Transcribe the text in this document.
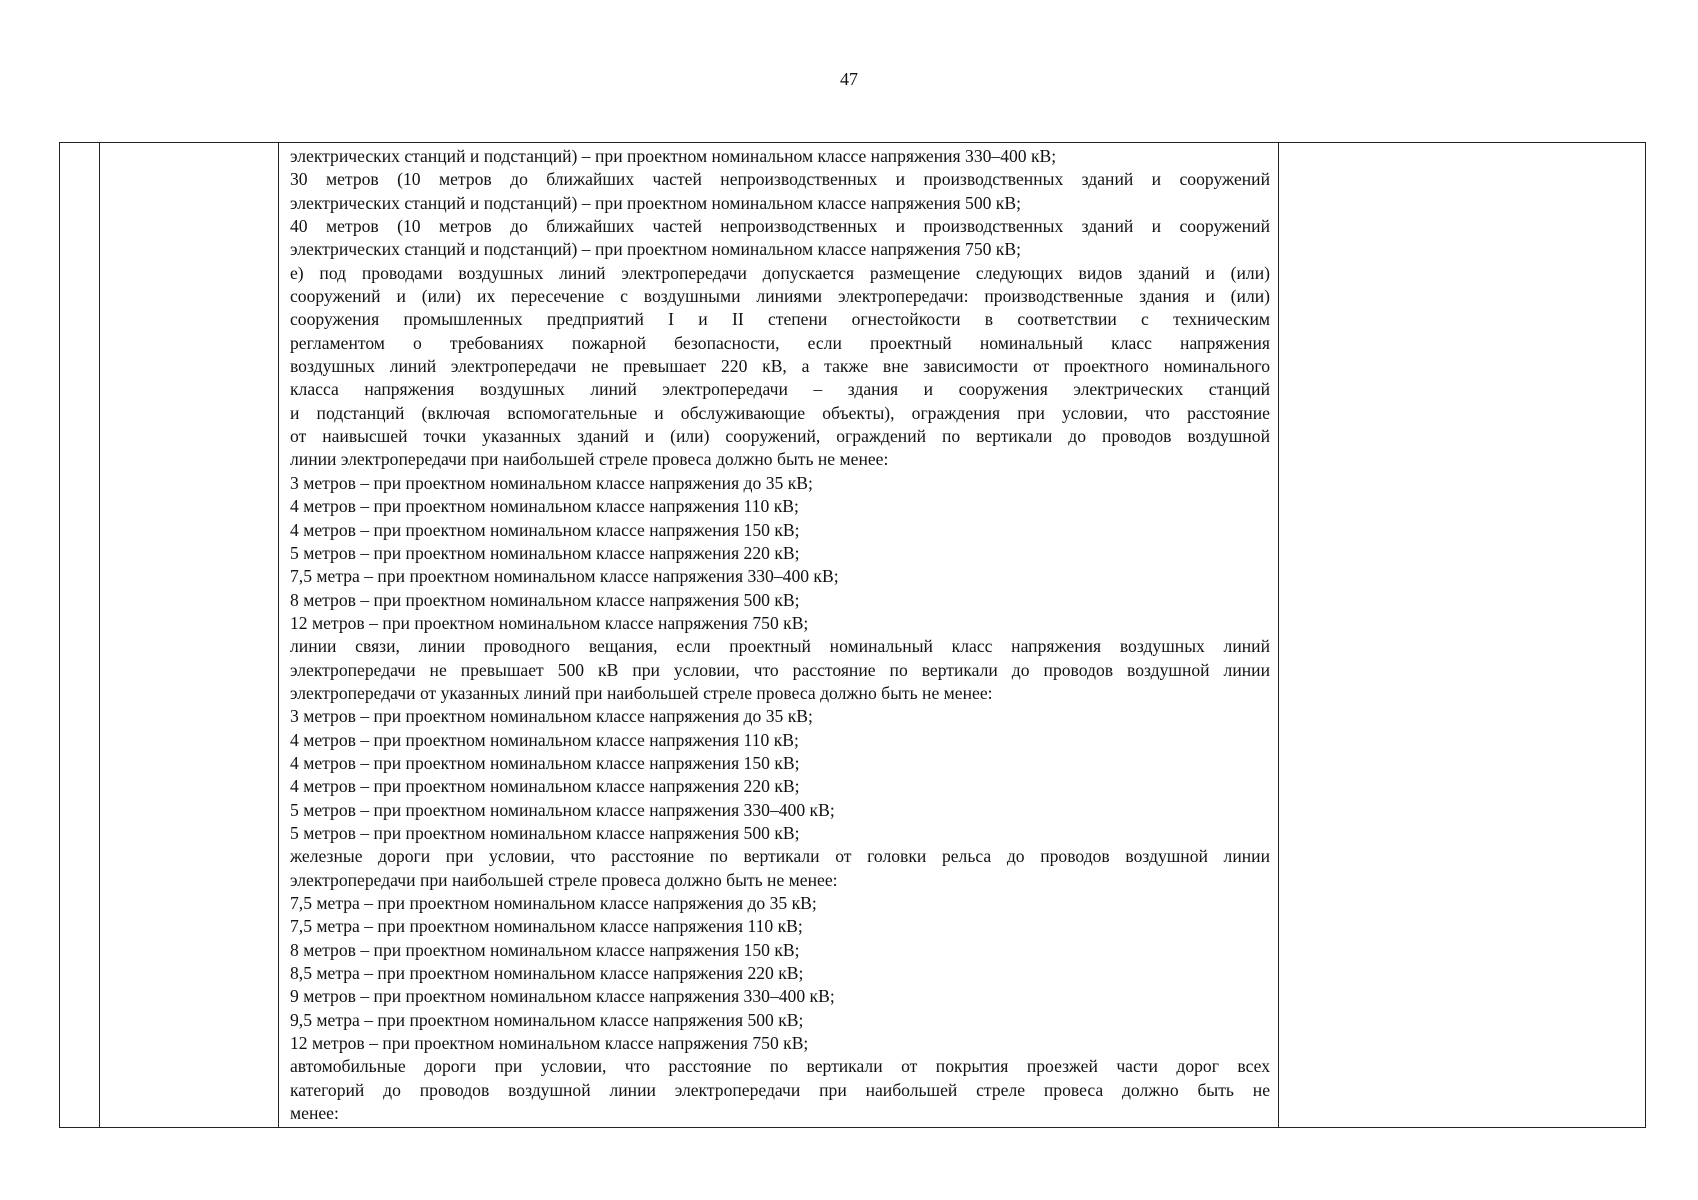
47
электрических станций и подстанций) – при проектном номинальном классе напряжения 330–400 кВ;
30 метров (10 метров до ближайших частей непроизводственных и производственных зданий и сооружений
электрических станций и подстанций) – при проектном номинальном классе напряжения 500 кВ;
40 метров (10 метров до ближайших частей непроизводственных и производственных зданий и сооружений
электрических станций и подстанций) – при проектном номинальном классе напряжения 750 кВ;
е) под проводами воздушных линий электропередачи допускается размещение следующих видов зданий и (или)
сооружений и (или) их пересечение с воздушными линиями электропередачи: производственные здания и (или)
сооружения промышленных предприятий I и II степени огнестойкости в соответствии с техническим
регламентом о требованиях пожарной безопасности, если проектный номинальный класс напряжения
воздушных линий электропередачи не превышает 220 кВ, а также вне зависимости от проектного номинального
класса напряжения воздушных линий электропередачи – здания и сооружения электрических станций
и подстанций (включая вспомогательные и обслуживающие объекты), ограждения при условии, что расстояние
от наивысшей точки указанных зданий и (или) сооружений, ограждений по вертикали до проводов воздушной
линии электропередачи при наибольшей стреле провеса должно быть не менее:
3 метров – при проектном номинальном классе напряжения до 35 кВ;
4 метров – при проектном номинальном классе напряжения 110 кВ;
4 метров – при проектном номинальном классе напряжения 150 кВ;
5 метров – при проектном номинальном классе напряжения 220 кВ;
7,5 метра – при проектном номинальном классе напряжения 330–400 кВ;
8 метров – при проектном номинальном классе напряжения 500 кВ;
12 метров – при проектном номинальном классе напряжения 750 кВ;
линии связи, линии проводного вещания, если проектный номинальный класс напряжения воздушных линий
электропередачи не превышает 500 кВ при условии, что расстояние по вертикали до проводов воздушной линии
электропередачи от указанных линий при наибольшей стреле провеса должно быть не менее:
3 метров – при проектном номинальном классе напряжения до 35 кВ;
4 метров – при проектном номинальном классе напряжения 110 кВ;
4 метров – при проектном номинальном классе напряжения 150 кВ;
4 метров – при проектном номинальном классе напряжения 220 кВ;
5 метров – при проектном номинальном классе напряжения 330–400 кВ;
5 метров – при проектном номинальном классе напряжения 500 кВ;
железные дороги при условии, что расстояние по вертикали от головки рельса до проводов воздушной линии
электропередачи при наибольшей стреле провеса должно быть не менее:
7,5 метра – при проектном номинальном классе напряжения до 35 кВ;
7,5 метра – при проектном номинальном классе напряжения 110 кВ;
8 метров – при проектном номинальном классе напряжения 150 кВ;
8,5 метра – при проектном номинальном классе напряжения 220 кВ;
9 метров – при проектном номинальном классе напряжения 330–400 кВ;
9,5 метра – при проектном номинальном классе напряжения 500 кВ;
12 метров – при проектном номинальном классе напряжения 750 кВ;
автомобильные дороги при условии, что расстояние по вертикали от покрытия проезжей части дорог всех
категорий до проводов воздушной линии электропередачи при наибольшей стреле провеса должно быть не
менее:
